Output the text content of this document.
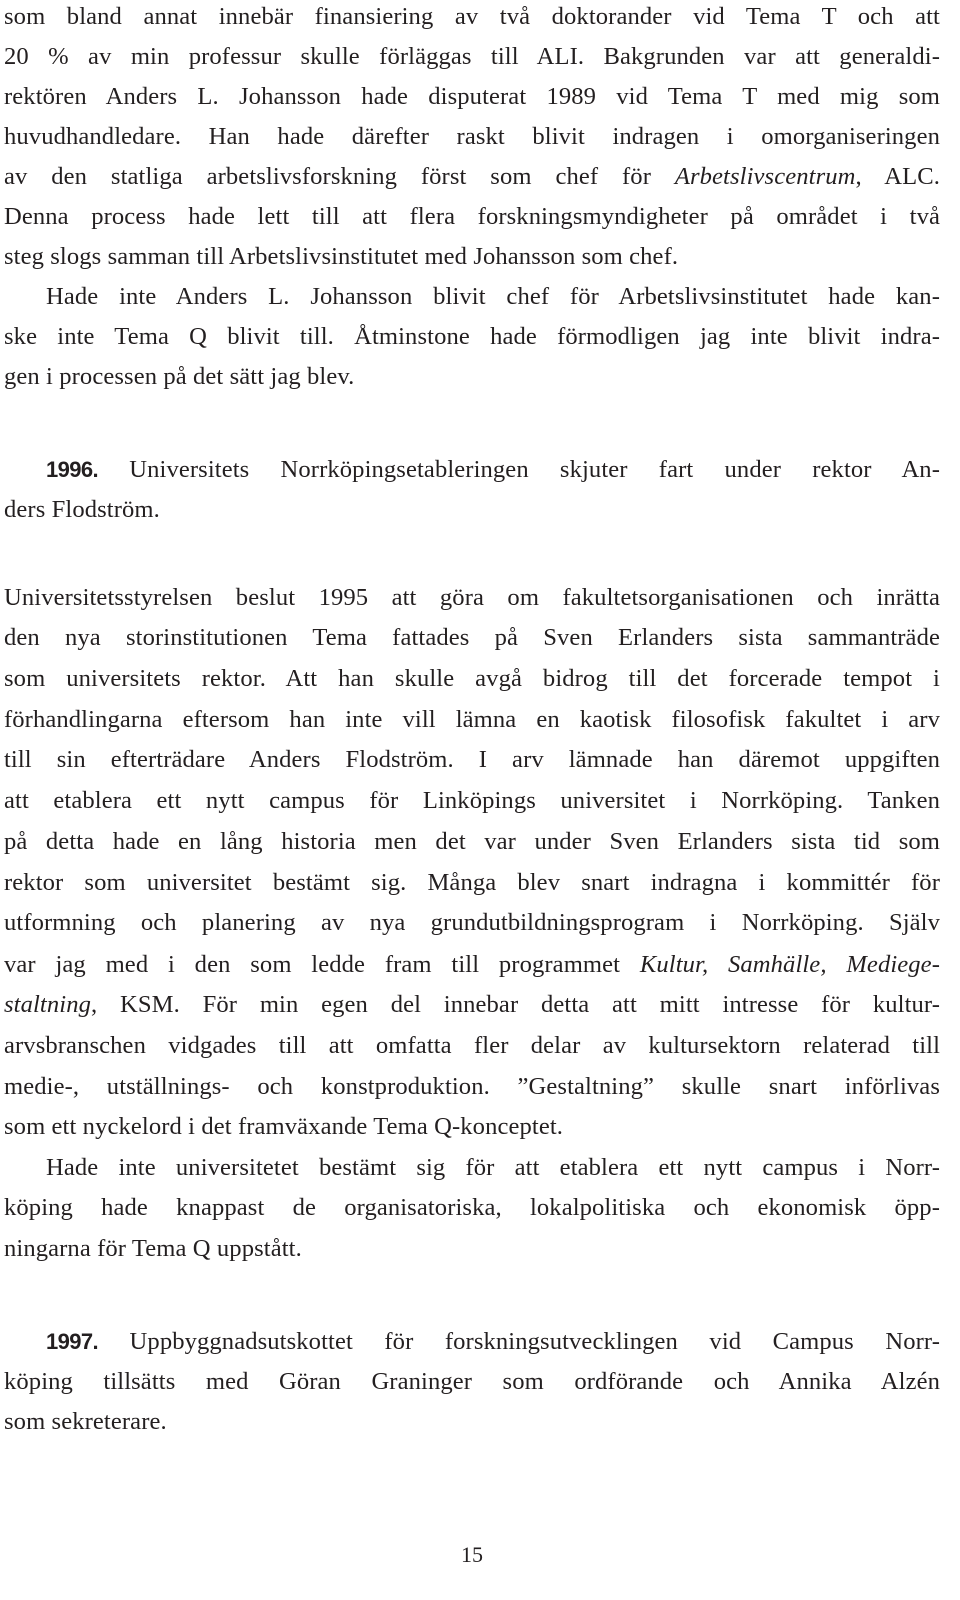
som bland annat innebär finansiering av två doktorander vid Tema T och att
20 % av min professur skulle förläggas till ALI. Bakgrunden var att generaldi-
rektören Anders L. Johansson hade disputerat 1989 vid Tema T med mig som
huvudhandledare. Han hade därefter raskt blivit indragen i omorganiseringen
av den statliga arbetslivsforskning först som chef för Arbetslivscentrum, ALC.
Denna process hade lett till att flera forskningsmyndigheter på området i två
steg slogs samman till Arbetslivsinstitutet med Johansson som chef.
Hade inte Anders L. Johansson blivit chef för Arbetslivsinstitutet hade kan-
ske inte Tema Q blivit till. Åtminstone hade förmodligen jag inte blivit indra-
gen i processen på det sätt jag blev.
1996. Universitets Norrköpingsetableringen skjuter fart under rektor An-
ders Flodström.
Universitetsstyrelsen beslut 1995 att göra om fakultetsorganisationen och inrätta
den nya storinstitutionen Tema fattades på Sven Erlanders sista sammanträde
som universitets rektor. Att han skulle avgå bidrog till det forcerade tempot i
förhandlingarna eftersom han inte vill lämna en kaotisk filosofisk fakultet i arv
till sin efterträdare Anders Flodström. I arv lämnade han däremot uppgiften
att etablera ett nytt campus för Linköpings universitet i Norrköping. Tanken
på detta hade en lång historia men det var under Sven Erlanders sista tid som
rektor som universitet bestämt sig. Många blev snart indragna i kommittér för
utformning och planering av nya grundutbildningsprogram i Norrköping. Själv
var jag med i den som ledde fram till programmet Kultur, Samhälle, Mediege-
staltning, KSM. För min egen del innebar detta att mitt intresse för kultur-
arvsbranschen vidgades till att omfatta fler delar av kultursektorn relaterad till
medie-, utställnings- och konstproduktion. ”Gestaltning” skulle snart införlivas
som ett nyckelord i det framväxande Tema Q-konceptet.
Hade inte universitetet bestämt sig för att etablera ett nytt campus i Norr-
köping hade knappast de organisatoriska, lokalpolitiska och ekonomisk öpp-
ningarna för Tema Q uppstått.
1997. Uppbyggnadsutskottet för forskningsutvecklingen vid Campus Norr-
köping tillsätts med Göran Graninger som ordförande och Annika Alzén
som sekreterare.
15
